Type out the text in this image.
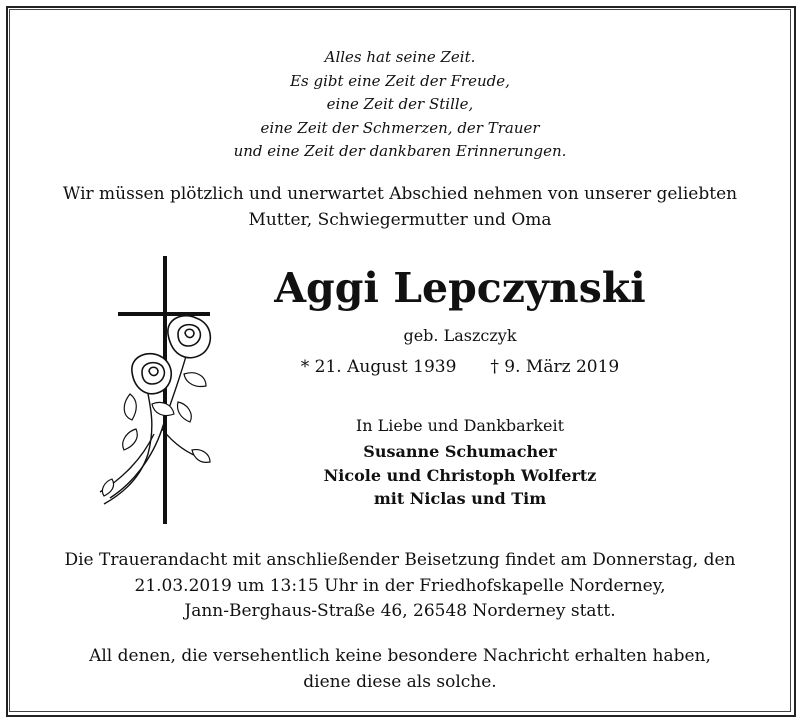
Alles hat seine Zeit.
Es gibt eine Zeit der Freude,
eine Zeit der Stille,
eine Zeit der Schmerzen, der Trauer
und eine Zeit der dankbaren Erinnerungen.
Wir müssen plötzlich und unerwartet Abschied nehmen von unserer geliebten
Mutter, Schwiegermutter und Oma
Aggi Lepczynski
geb. Laszczyk
* 21. August 1939 † 9. März 2019
In Liebe und Dankbarkeit
Susanne Schumacher
Nicole und Christoph Wolfertz
mit Niclas und Tim
Die Trauerandacht mit anschließender Beisetzung findet am Donnerstag, den
21.03.2019 um 13:15 Uhr in der Friedhofskapelle Norderney,
Jann-Berghaus-Straße 46, 26548 Norderney statt.
All denen, die versehentlich keine besondere Nachricht erhalten haben,
diene diese als solche.
